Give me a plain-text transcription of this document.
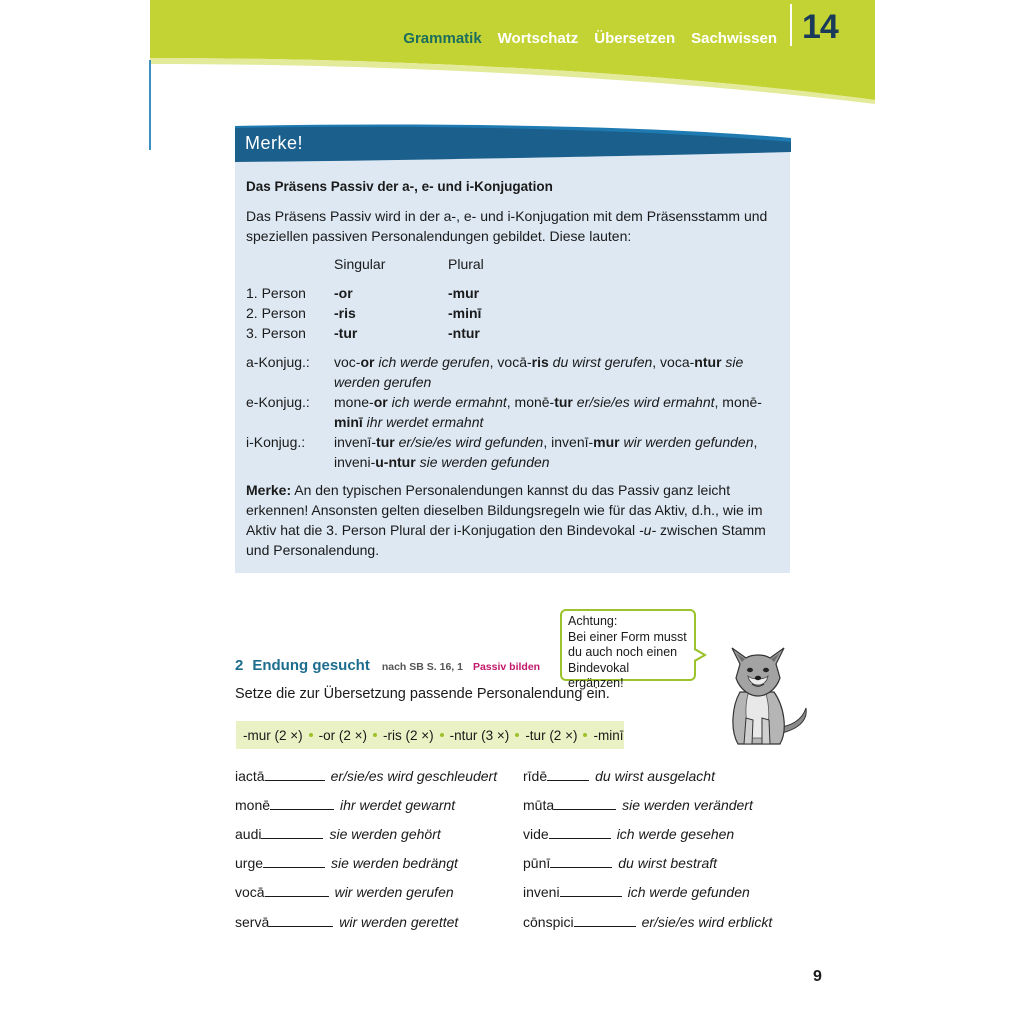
Grammatik Wortschatz Übersetzen Sachwissen 14
Merke!
Das Präsens Passiv der a-, e- und i-Konjugation
Das Präsens Passiv wird in der a-, e- und i-Konjugation mit dem Präsensstamm und speziellen passiven Personalendungen gebildet. Diese lauten:
Singular	Plural
1. Person	-or	-mur
2. Person	-ris	-minī
3. Person	-tur	-ntur
a-Konjug.:	voc-or ich werde gerufen, vocā-ris du wirst gerufen, voca-ntur sie werden gerufen
e-Konjug.:	mone-or ich werde ermahnt, monē-tur er/sie/es wird ermahnt, monē-minī ihr werdet ermahnt
i-Konjug.:	invenī-tur er/sie/es wird gefunden, invenī-mur wir werden gefunden, inveni-u-ntur sie werden gefunden
Merke: An den typischen Personalendungen kannst du das Passiv ganz leicht erkennen! Ansonsten gelten dieselben Bildungsregeln wie für das Aktiv, d.h., wie im Aktiv hat die 3. Person Plural der i-Konjugation den Bindevokal -u- zwischen Stamm und Personalendung.
Achtung:
Bei einer Form musst
du auch noch einen
Bindevokal ergänzen!
2 Endung gesucht nach SB S. 16, 1 Passiv bilden
Setze die zur Übersetzung passende Personalendung ein.
-mur (2 ×) -or (2 ×) -ris (2 ×) -ntur (3 ×) -tur (2 ×) -minī
iactā	er/sie/es wird geschleudert
monē	ihr werdet gewarnt
audi	sie werden gehört
urge	sie werden bedrängt
vocā	wir werden gerufen
servā	wir werden gerettet
rīdē	du wirst ausgelacht
mūta	sie werden verändert
vide	ich werde gesehen
pūnī	du wirst bestraft
inveni	ich werde gefunden
cōnspici	er/sie/es wird erblickt
9
